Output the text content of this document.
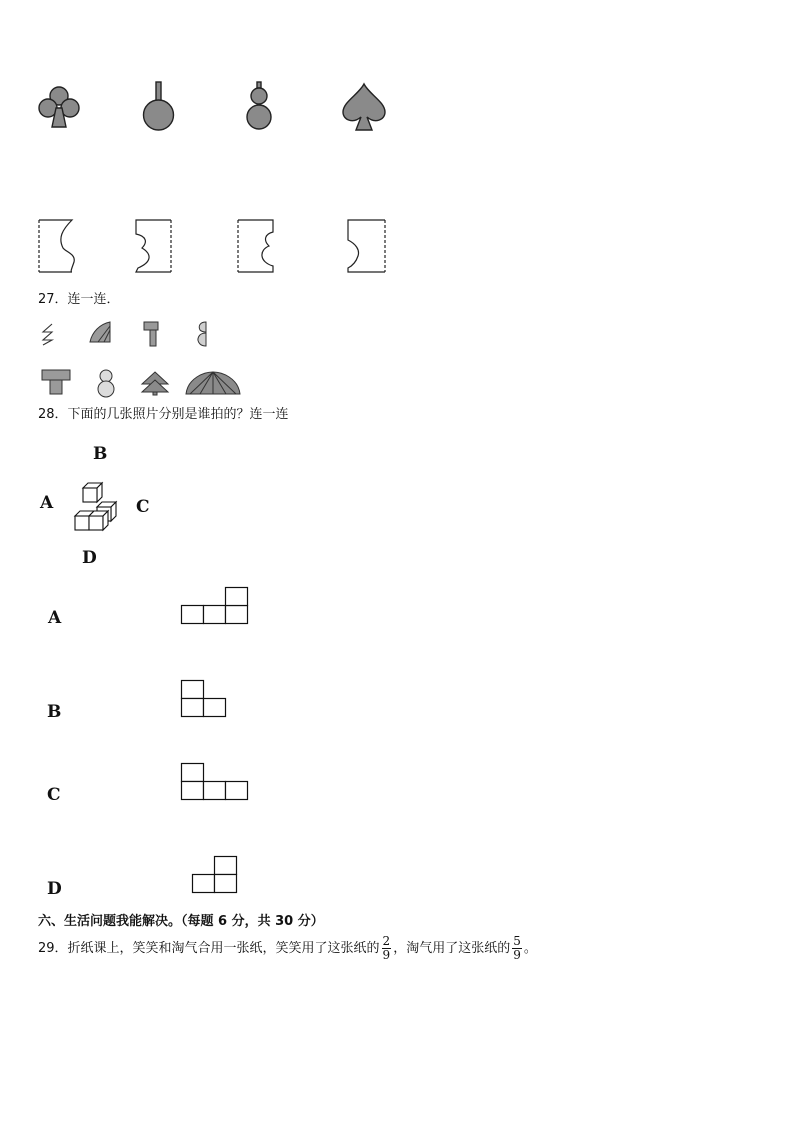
27．连一连．
28．下面的几张照片分别是谁拍的？连一连
B
A	C
D
A
B
C
D
六、生活问题我能解决。（每题 6 分，共 30 分）
29．折纸课上，笑笑和淘气合用一张纸，笑笑用了这张纸的 $\frac{2}{9}$ ，淘气用了这张纸的 $\frac{5}{9}$ 。
